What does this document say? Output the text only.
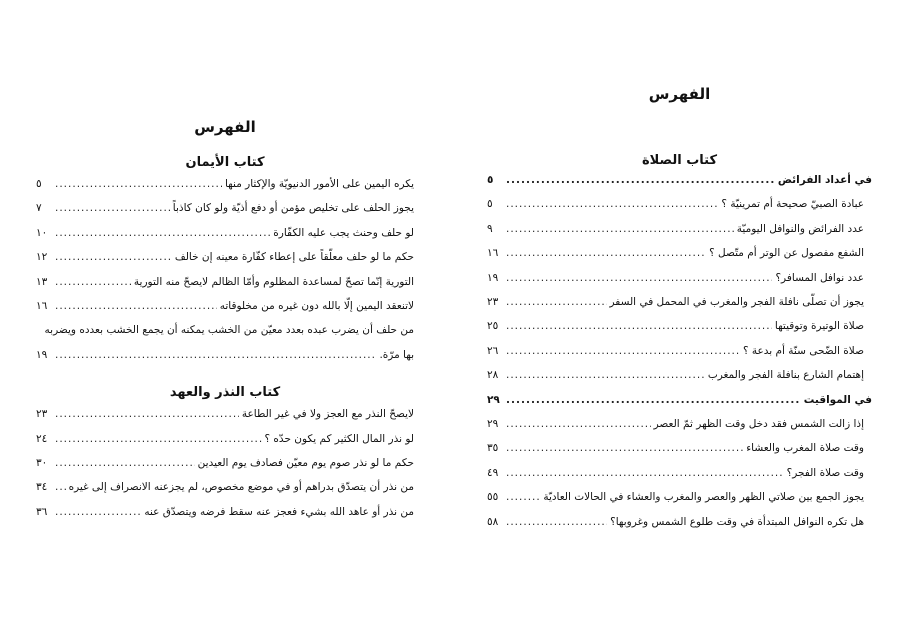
الفهرس
كتاب الأيمان
يكره اليمين على الأمور الدنيويّة والإكثار منها
.....
٥
يجوز الحلف على تخليص مؤمن أو دفع أذيّة ولو كان كاذباً
.....
٧
لو حلف وحنث يجب عليه الكفّارة
.....
١٠
حكم ما لو حلف معلّقاً على إعطاء كفّارة معينه إن خالف
.....
١٢
التورية إنّما تصحّ لمساعدة المظلوم وأمّا الظالم لايصحّ منه التورية
.....
١٣
لاتنعقد اليمين إلّا بالله دون غيره من مخلوقاته
.....
١٦
من حلف أن يضرب عبده بعدد معيّن من الخشب يمكنه أن يجمع الخشب بعدده ويضربه
بها مرّة.
.....
١٩
كتاب النذر والعهد
لايصحّ النذر مع العجز ولا في غير الطاعة
.....
٢٣
لو نذر المال الكثير كم يكون حدّه ؟
.....
٢٤
حكم ما لو نذر صوم يوم معيّن فصادف يوم العيدين
.....
٣٠
من نذر أن يتصدّق بدراهم أو في موضع مخصوص، لم يجزعنه الانصراف إلى غيره
.....
٣٤
من نذر أو عاهد الله بشيء فعجز عنه سقط فرضه ويتصدّق عنه
.....
٣٦
الفهرس
كتاب الصلاة
في أعداد الفرائض
.....
٥
عبادة الصبيّ صحيحة أم تمرينيّة ؟
.....
٥
عدد الفرائض والنوافل اليوميّة
.....
٩
الشفع مفصول عن الوتر أم متّصل ؟
.....
١٦
عدد نوافل المسافر؟
.....
١٩
يجوز أن تصلّى نافلة الفجر والمغرب في المحمل في السفر
.....
٢٣
صلاة الوتيرة وتوقيتها
.....
٢٥
صلاة الضّحى سنّة أم بدعة ؟
.....
٢٦
إهتمام الشارع بنافلة الفجر والمغرب
.....
٢٨
في المواقيت
.....
٢٩
إذا زالت الشمس فقد دخل وقت الظهر ثمّ العصر
.....
٢٩
وقت صلاة المغرب والعشاء
.....
٣٥
وقت صلاة الفجر؟
.....
٤٩
يجوز الجمع بين صلاتي الظهر والعصر والمغرب والعشاء في الحالات العاديّة
.....
٥٥
هل تكره النوافل المبتدأة في وقت طلوع الشمس وغروبها؟
.....
٥٨
